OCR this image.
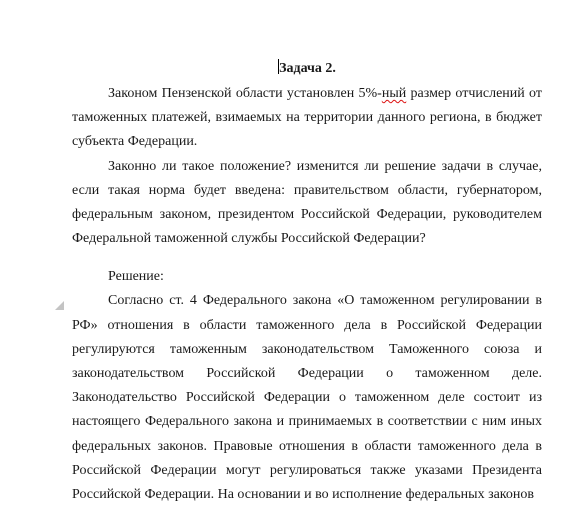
Задача 2.

Законом Пензенской области установлен 5%-ный размер отчислений от таможенных платежей, взимаемых на территории данного региона, в бюджет субъекта Федерации.

Законно ли такое положение? изменится ли решение задачи в случае, если такая норма будет введена: правительством области, губернатором, федеральным законом, президентом Российской Федерации, руководителем Федеральной таможенной службы Российской Федерации?

Решение:

Согласно ст. 4 Федерального закона «О таможенном регулировании в РФ» отношения в области таможенного дела в Российской Федерации регулируются таможенным законодательством Таможенного союза и законодательством Российской Федерации о таможенном деле. Законодательство Российской Федерации о таможенном деле состоит из настоящего Федерального закона и принимаемых в соответствии с ним иных федеральных законов. Правовые отношения в области таможенного дела в Российской Федерации могут регулироваться также указами Президента Российской Федерации. На основании и во исполнение федеральных законов
